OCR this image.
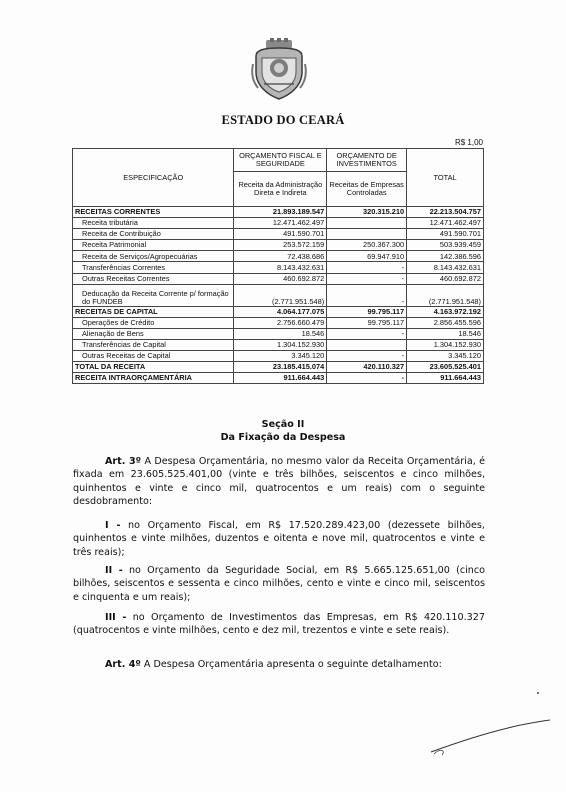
ESTADO DO CEARÁ
R$ 1,00
ESPECIFICAÇÃO	ORÇAMENTO FISCAL E SEGURIDADE	ORÇAMENTO DE INVESTIMENTOS	TOTAL
	Receita da Administração Direta e Indireta	Receitas de Empresas Controladas	
RECEITAS CORRENTES	21.893.189.547	320.315.210	22.213.504.757
Receita tributária	12.471.462.497		12.471.462.497
Receita de Contribuição	491.590.701		491.590.701
Receita Patrimonial	253.572.159	250.367.300	503.939.459
Receita de Serviços/Agropecuárias	72.438.686	69.947.910	142.386.596
Transferências Correntes	8.143.432.631	-	8.143.432.631
Outras Receitas Correntes	460.692.872	-	460.692.872
Deducação da Receita Corrente p/ formação do FUNDEB	(2.771.951.548)	-	(2.771.951.548)
RECEITAS DE CAPITAL	4.064.177.075	99.795.117	4.163.972.192
Operações de Crédito	2.756.660.479	99.795.117	2.856.455.596
Alienação de Bens	18.546	-	18.546
Transferências de Capital	1.304.152.930		1.304.152.930
Outras Receitas de Capital	3.345.120	-	3.345.120
TOTAL DA RECEITA	23.185.415.074	420.110.327	23.605.525.401
RECEITA INTRAORÇAMENTÁRIA	911.664.443	-	911.664.443
Seção II
Da Fixação da Despesa
Art. 3º A Despesa Orçamentária, no mesmo valor da Receita Orçamentária, é fixada em 23.605.525.401,00 (vinte e três bilhões, seiscentos e cinco milhões, quinhentos e vinte e cinco mil, quatrocentos e um reais) com o seguinte desdobramento:
I - no Orçamento Fiscal, em R$ 17.520.289.423,00 (dezessete bilhões, quinhentos e vinte milhões, duzentos e oitenta e nove mil, quatrocentos e vinte e três reais);
II - no Orçamento da Seguridade Social, em R$ 5.665.125.651,00 (cinco bilhões, seiscentos e sessenta e cinco milhões, cento e vinte e cinco mil, seiscentos e cinquenta e um reais);
III - no Orçamento de Investimentos das Empresas, em R$ 420.110.327 (quatrocentos e vinte milhões, cento e dez mil, trezentos e vinte e sete reais).
Art. 4º A Despesa Orçamentária apresenta o seguinte detalhamento:
